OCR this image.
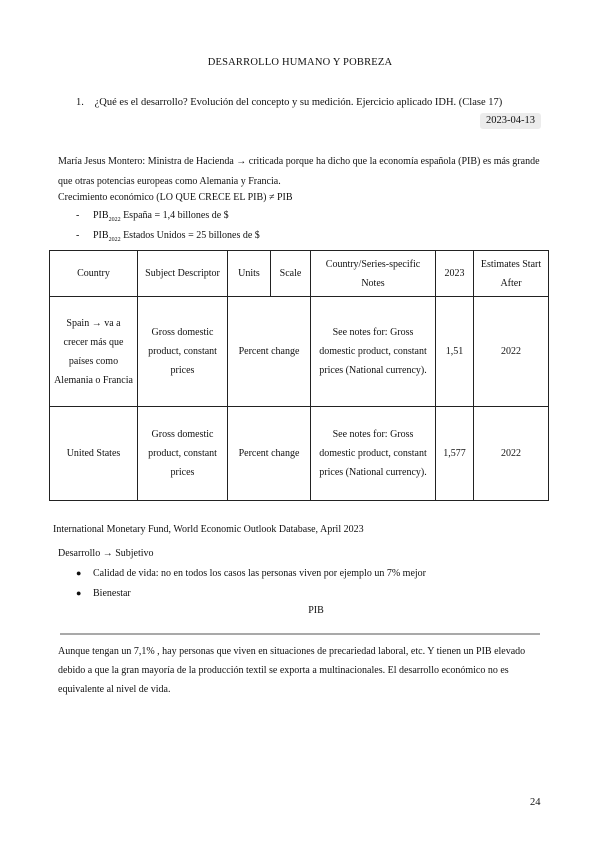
DESARROLLO HUMANO Y POBREZA
1. ¿Qué es el desarrollo? Evolución del concepto y su medición. Ejercicio aplicado IDH. (Clase 17)
2023-04-13
María Jesus Montero: Ministra de Hacienda → criticada porque ha dicho que la economía española (PIB) es más grande que otras potencias europeas como Alemania y Francia.
Crecimiento económico (LO QUE CRECE EL PIB) ≠ PIB
- $PIB_{2022}$ España = 1,4 billones de $
- $PIB_{2022}$ Estados Unidos = 25 billones de $
Country	Subject Descriptor	Units	Scale	Country/Series-specific Notes	2023	Estimates Start After
Spain → va a crecer más que países como Alemania o Francia	Gross domestic product, constant prices	Percent change		See notes for: Gross domestic product, constant prices (National currency).	1,51	2022
United States	Gross domestic product, constant prices	Percent change		See notes for: Gross domestic product, constant prices (National currency).	1,577	2022
International Monetary Fund, World Economic Outlook Database, April 2023
Desarrollo → Subjetivo
● Calidad de vida: no en todos los casos las personas viven por ejemplo un 7% mejor
● Bienestar
PIB
Aunque tengan un 7,1% , hay personas que viven en situaciones de precariedad laboral, etc. Y tienen un PIB elevado debido a que la gran mayoría de la producción textil se exporta a multinacionales. El desarrollo económico no es equivalente al nivel de vida.
24
